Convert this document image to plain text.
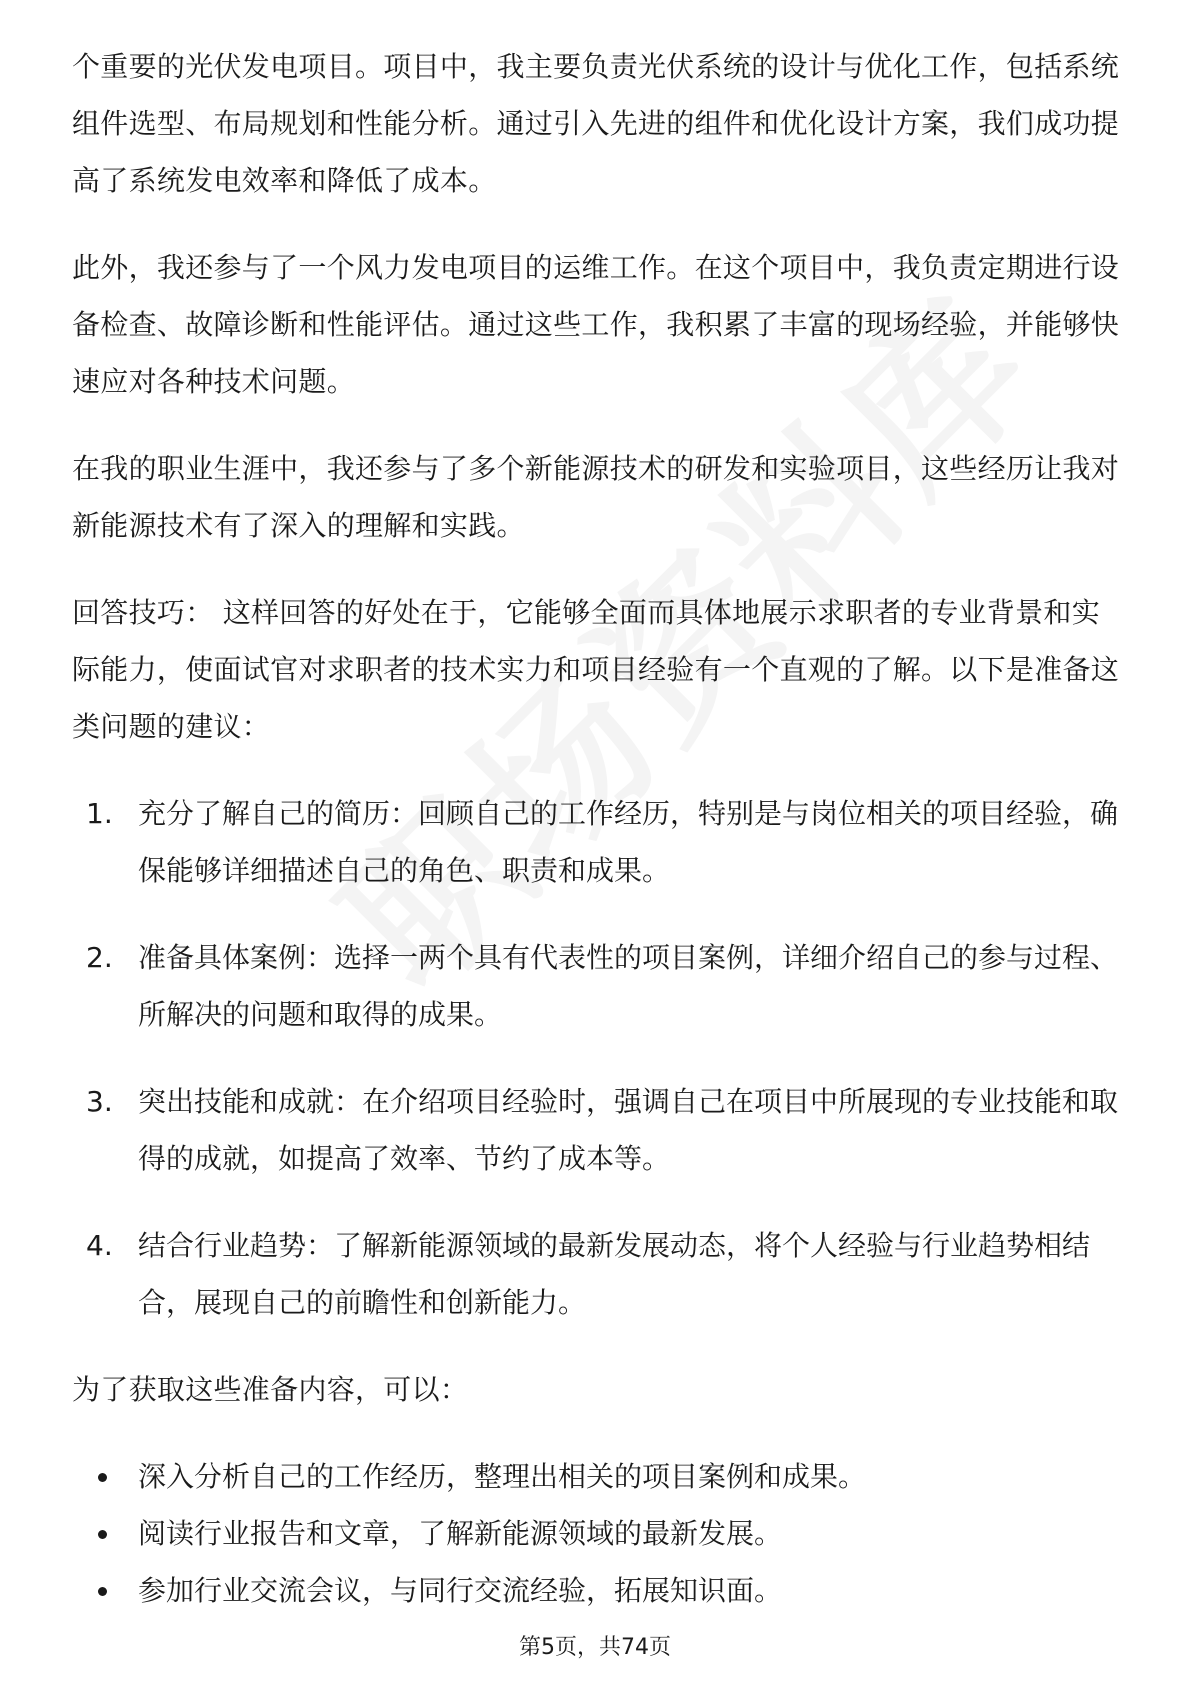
个重要的光伏发电项目。项目中，我主要负责光伏系统的设计与优化工作，包括系统组件选型、布局规划和性能分析。通过引入先进的组件和优化设计方案，我们成功提高了系统发电效率和降低了成本。

此外，我还参与了一个风力发电项目的运维工作。在这个项目中，我负责定期进行设备检查、故障诊断和性能评估。通过这些工作，我积累了丰富的现场经验，并能够快速应对各种技术问题。

在我的职业生涯中，我还参与了多个新能源技术的研发和实验项目，这些经历让我对新能源技术有了深入的理解和实践。

回答技巧： 这样回答的好处在于，它能够全面而具体地展示求职者的专业背景和实际能力，使面试官对求职者的技术实力和项目经验有一个直观的了解。以下是准备这类问题的建议：

1. 充分了解自己的简历：回顾自己的工作经历，特别是与岗位相关的项目经验，确保能够详细描述自己的角色、职责和成果。
2. 准备具体案例：选择一两个具有代表性的项目案例，详细介绍自己的参与过程、所解决的问题和取得的成果。
3. 突出技能和成就：在介绍项目经验时，强调自己在项目中所展现的专业技能和取得的成就，如提高了效率、节约了成本等。
4. 结合行业趋势：了解新能源领域的最新发展动态，将个人经验与行业趋势相结合，展现自己的前瞻性和创新能力。

为了获取这些准备内容，可以：

深入分析自己的工作经历，整理出相关的项目案例和成果。
阅读行业报告和文章，了解新能源领域的最新发展。
参加行业交流会议，与同行交流经验，拓展知识面。
第5页，共74页
